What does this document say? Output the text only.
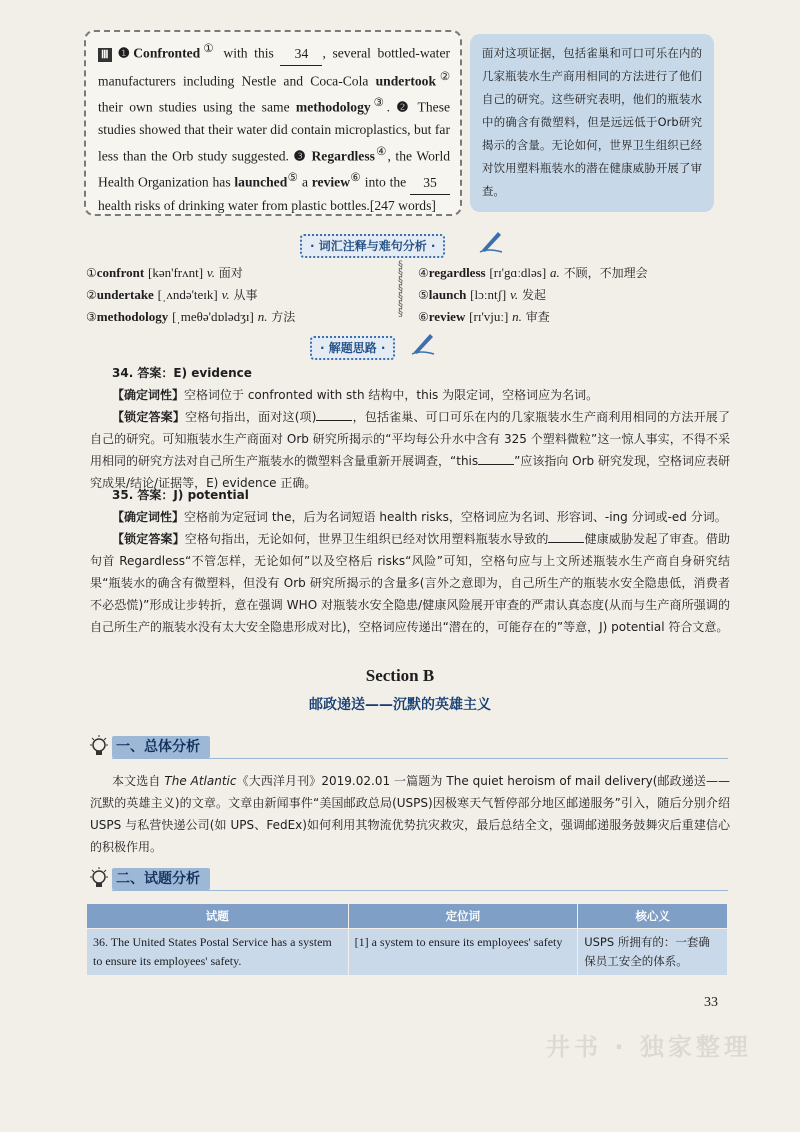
Ⅲ ❶Confronted① with this 34 , several bottled-water manufacturers including Nestle and Coca-Cola undertook② their own studies using the same methodology③. ❷ These studies showed that their water did contain microplastics, but far less than the Orb study suggested. ❸ Regardless④, the World Health Organization has launched⑤ a review⑥ into the 35 health risks of drinking water from plastic bottles.[247 words]
面对这项证据，包括雀巢和可口可乐在内的几家瓶装水生产商用相同的方法进行了他们自己的研究。这些研究表明，他们的瓶装水中的确含有微塑料，但是远远低于Orb研究揭示的含量。无论如何，世界卫生组织已经对饮用塑料瓶装水的潜在健康威胁开展了审查。
· 词汇注释与难句分析 ·
①confront [kən'frʌnt] v. 面对
②undertake [ˌʌndə'teɪk] v. 从事
③methodology [ˌmeθə'dɒlədʒɪ] n. 方法
§
§
§
§
§
§
§
④regardless [rɪ'gɑːdləs] a. 不顾，不加理会
⑤launch [lɔːntʃ] v. 发起
⑥review [rɪ'vjuː] n. 审查
· 解题思路 ·
34. 答案：E) evidence
【确定词性】空格词位于 confronted with sth 结构中，this 为限定词，空格词应为名词。
【锁定答案】空格句指出，面对这(项)	，包括雀巢、可口可乐在内的几家瓶装水生产商利用相同的方法开展了自己的研究。可知瓶装水生产商面对 Orb 研究所揭示的“平均每公升水中含有 325 个塑料微粒”这一惊人事实，不得不采用相同的研究方法对自己所生产瓶装水的微塑料含量重新开展调查，“this	”应该指向 Orb 研究发现，空格词应表研究成果/结论/证据等，E) evidence 正确。
35. 答案：J) potential
【确定词性】空格前为定冠词 the，后为名词短语 health risks，空格词应为名词、形容词、-ing 分词或-ed 分词。
【锁定答案】空格句指出，无论如何，世界卫生组织已经对饮用塑料瓶装水导致的	健康威胁发起了审查。借助句首 Regardless“不管怎样，无论如何”以及空格后 risks“风险”可知，空格句应与上文所述瓶装水生产商自身研究结果“瓶装水的确含有微塑料，但没有 Orb 研究所揭示的含量多(言外之意即为，自己所生产的瓶装水安全隐患低，消费者不必恐慌)”形成让步转折，意在强调 WHO 对瓶装水安全隐患/健康风险展开审查的严肃认真态度(从而与生产商所强调的自己所生产的瓶装水没有太大安全隐患形成对比)，空格词应传递出“潜在的，可能存在的”等意，J) potential 符合文意。
Section B
邮政递送——沉默的英雄主义
一、总体分析
本文选自 The Atlantic《大西洋月刊》2019.02.01 一篇题为 The quiet heroism of mail delivery(邮政递送——沉默的英雄主义)的文章。文章由新闻事件“美国邮政总局(USPS)因极寒天气暂停部分地区邮递服务”引入，随后分别介绍 USPS 与私营快递公司(如 UPS、FedEx)如何利用其物流优势抗灾救灾，最后总结全文，强调邮递服务鼓舞灾后重建信心的积极作用。
二、试题分析
试题	定位词	核心义
36. The United States Postal Service has a system to ensure its employees' safety.	[1] a system to ensure its employees' safety	USPS 所拥有的：一套确保员工安全的体系。
33
井书 · 独家整理
